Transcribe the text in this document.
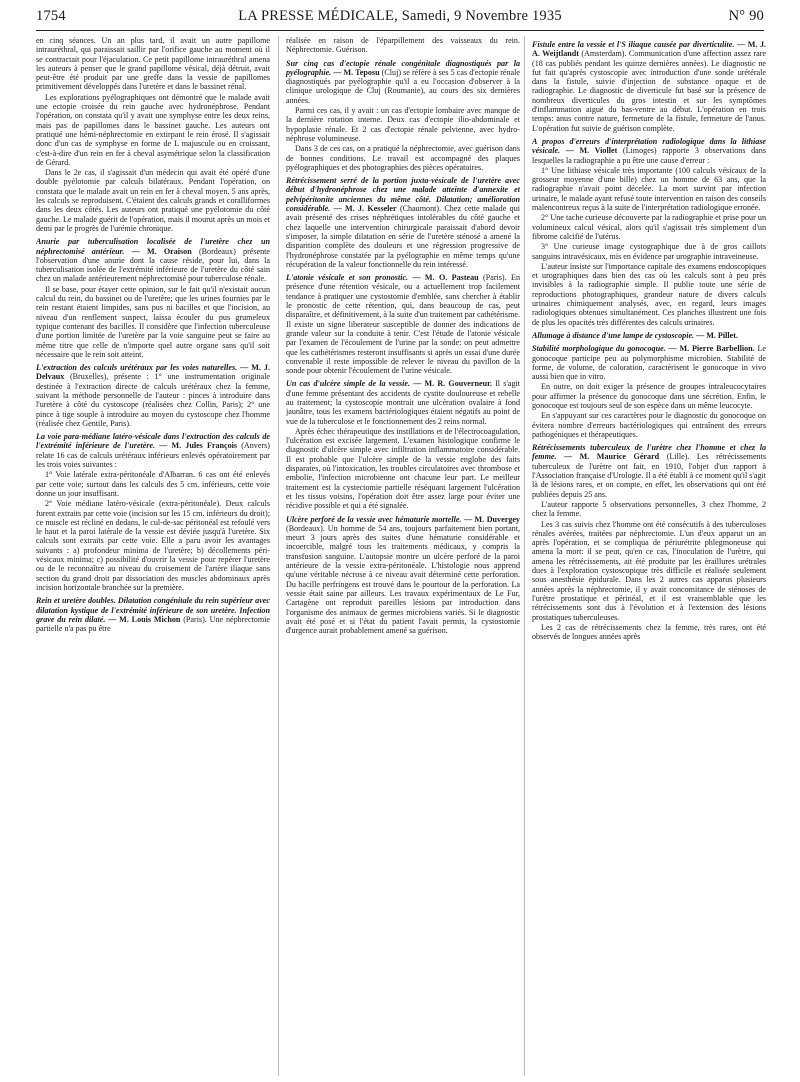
1754	LA PRESSE MÉDICALE, Samedi, 9 Novembre 1935	N° 90

en cinq séances. Un an plus tard, il avait un autre papillome intrauréthral, qui paraissait saillir par l'orifice gauche au moment où il se contractait pour l'éjaculation. Ce petit papillome intrauréthral amena les auteurs à penser que le grand papillome vésical, déjà détruit, avait peut-être été produit par une greffe dans la vessie de papillomes primitivement développés dans l'uretère et dans le bassinet rénal.

Les explorations pyélographiques ont démontré que le malade avait une ectopie croisée du rein gauche avec hydronéphrose. Pendant l'opération, on constata qu'il y avait une symphyse entre les deux reins, mais pas de papillomes dans le bassinet gauche. Les auteurs ont pratiqué une hémi-néphrectomie en extirpant le rein érosé. Il s'agissait donc d'un cas de symphyse en forme de L majuscule ou en croissant, c'est-à-dire d'un rein en fer à cheval asymétrique selon la classification de Gérard.

Dans le 2e cas, il s'agissait d'un médecin qui avait été opéré d'une double pyélotomie par calculs bilatéraux. Pendant l'opération, on constata que le malade avait un rein en fer à cheval moyen. 5 ans après, les calculs se reproduisent. C'étaient des calculs grands et coralliformes dans les deux côtés. Les auteurs ont pratiqué une pyélotomie du côté gauche. Le malade guérit de l'opération, mais il mourut après un mois et demi par le progrès de l'urémie chronique.

Anurie par tuberculisation localisée de l'uretère chez un néphrectomisé antérieur. — M. Oraison (Bordeaux) présente l'observation d'une anurie dont la cause réside, pour lui, dans la tuberculisation isolée de l'extrémité inférieure de l'uretère du côté sain chez un malade antérieurement néphrectomisé pour tuberculose rénale.

Il se base, pour étayer cette opinion, sur le fait qu'il n'existait aucun calcul du rein, du bassinet ou de l'uretère; que les urines fournies par le rein restant étaient limpides, sans pus ni bacilles et que l'incision, au niveau d'un renflement suspect, laissa écouler du pus grumeleux typique contenant des bacilles. Il considère que l'infection tuberculeuse d'une portion limitée de l'uretère par la voie sanguine peut se faire au même titre que celle de n'importe quel autre organe sans qu'il soit nécessaire que le rein soit atteint.

L'extraction des calculs urétéraux par les voies naturelles. — M. J. Delvaux (Bruxelles), présente : 1° une instrumentation originale destinée à l'extraction directe de calculs urétéraux chez la femme, suivant la méthode personnelle de l'auteur : pinces à introduire dans l'uretère à côté du cystoscope (réalisées chez Collin, Paris); 2° une pince à tige souple à introduire au moyen du cystoscope chez l'homme (réalisée chez Gentile, Paris).

La voie para-médiane latéro-vésicale dans l'extraction des calculs de l'extrémité inférieure de l'uretère. — M. Jules François (Anvers) relate 16 cas de calculs urétéraux inférieurs enlevés opératoirement par les trois voies suivantes :

1° Voie latérale extra-péritonéale d'Albarran. 6 cas ont été enlevés par cette voie; surtout dans les calculs des 5 cm. inférieurs, cette voie donne un jour insuffisant.

2° Voie médiane latéro-vésicale (extra-péritonéale). Deux calculs furent extraits par cette voie (incision sur les 15 cm. inférieurs du droit); ce muscle est récliné en dedans, le cul-de-sac péritonéal est refoulé vers le haut et la paroi latérale de la vessie est déviée jusqu'à l'uretère. Six calculs sont extraits par cette voie. Elle a paru avoir les avantages suivants : a) profondeur minima de l'uretère; b) décollements péri-vésicaux minima; c) possibilité d'ouvrir la vessie pour repérer l'uretère ou de le reconnaître au niveau du croisement de l'artère iliaque sans section du grand droit par dissociation des muscles abdominaux après incision horizontale branchée sur la première.

Rein et uretère doubles. Dilatation congénitale du rein supérieur avec dilatation kystique de l'extrémité inférieure de son uretère. Infection grave du rein dilaté. — M. Louis Michon (Paris). Une néphrectomie partielle n'a pas pu être

réalisée en raison de l'éparpillement des vaisseaux du rein. Néphrectomie. Guérison.

Sur cinq cas d'ectopie rénale congénitale diagnostiqués par la pyélographie. — M. Teposu (Cluj) se réfère à ses 5 cas d'ectopie rénale diagnostiqués par pyélographie qu'il a eu l'occasion d'observer à la clinique urologique de Cluj (Roumanie), au cours des six dernières années.

Parmi ces cas, il y avait : un cas d'ectopie lombaire avec manque de la dernière rotation interne. Deux cas d'ectopie ilio-abdominale et hypoplasie rénale. Et 2 cas d'ectopie rénale pelvienne, avec hydro-néphrose volumineuse.

Dans 3 de ces cas, on a pratiqué la néphrectomie, avec guérison dans de bonnes conditions. Le travail est accompagné des plaques pyélographiques et des photographies des pièces opératoires.

Rétrécissement serré de la portion juxta-vésicale de l'uretère avec début d'hydronéphrose chez une malade atteinte d'annexite et pelvipéritonite anciennes du même côté. Dilatation; amélioration considérable. — M. J. Kesseler (Chaumont). Chez cette malade qui avait présenté des crises néphrétiques intolérables du côté gauche et chez laquelle une intervention chirurgicale paraissait d'abord devoir s'imposer, la simple dilatation en série de l'uretère sténosé a amené la disparition complète des douleurs et une régression progressive de l'hydronéphrose constatée par la pyélographie en même temps qu'une récupération de la valeur fonctionnelle du rein intéressé.

L'atonie vésicale et son pronostic. — M. O. Pasteau (Paris). En présence d'une rétention vésicale, ou a actuellement trop facilement tendance à pratiquer une cystostomie d'emblée, sans chercher à établir le pronostic de cette rétention, qui, dans beaucoup de cas, peut disparaître, et définitivement, à la suite d'un traitement par cathétérisme. Il existe un signe liberateur susceptible de donner des indications de grande valeur sur la conduite à tenir. C'est l'étude de l'atonie vésicale par l'examen de l'écoulement de l'urine par la sonde: on peut admettre que les cathétérismes resteront insuffisants si après un essai d'une durée convenable il reste impossible de relever le niveau du pavillon de la sonde pour obtenir l'écoulement de l'urine vésicale.

Un cas d'ulcère simple de la vessie. — M. R. Gouverneur. Il s'agit d'une femme présentant des accidents de cystite douloureuse et rebelle au traitement; la cystoscopie montrait une ulcération ovalaire à fond jaunâtre, tous les examens bactériologiques étaient négatifs au point de vue de la tuberculose et le fonctionnement des 2 reins normal.

Après échec thérapeutique des instillations et de l'électrocoagulation, l'ulcération est excisée largement. L'examen histologique confirme le diagnostic d'ulcère simple avec infiltration inflammatoire considérable. Il est probable que l'ulcère simple de la vessie englobe des faits disparates, où l'intoxication, les troubles circulatoires avec thrombose et embolie, l'infection microbienne ont chacune leur part. Le meilleur traitement est la cystectomie partielle réséquant largement l'ulcération et les tissus voisins, l'opération doit être assez large pour éviter une récidive possible et qui a été signalée.

Ulcère perforé de la vessie avec hématurie mortelle. — M. Duvergey (Bordeaux). Un homme de 54 ans, toujours parfaitement bien portant, meurt 3 jours après des suites d'une hématurie considérable et incoercible, malgré tous les traitements médicaux, y compris la transfusion sanguine. L'autopsie montre un ulcère perforé de la paroi antérieure de la vessie extra-péritonéale. L'histologie nous apprend qu'une véritable nécrose à ce niveau avait déterminé cette perforation. Du bacille perfringens est trouvé dans le pourtour de la perforation. La vessie était saine par ailleurs. Les travaux expérimentaux de Le Fur, Cartagène ont reproduit pareilles lésions par introduction dans l'organisme des animaux de germes microbiens variés. Si le diagnostic avait été posé et si l'état du patient l'avait permis, la cystostomie d'urgence aurait probablement amené sa guérison.

Fistule entre la vessie et l'S iliaque causée par diverticulite. — M. J. A. Weijtlandt (Amsterdam). Communication d'une affection assez rare (18 cas publiés pendant les quinze dernières années). Le diagnostic ne fut fait qu'après cystoscopie avec introduction d'une sonde urétérale dans la fistule, suivie d'injection de substance opaque et de radiographie. Le diagnostic de diverticule fut basé sur la présence de nombreux diverticules du gros intestin et sur les symptômes d'inflammation aiguë du bas-ventre au début. L'opération en trois temps: anus contre nature, fermeture de la fistule, fermeture de l'anus. L'opération fut suivie de guérison complète.

A propos d'erreurs d'interprétation radiologique dans la lithiase vésicale. — M. Viollet (Limoges) rapporte 3 observations dans lesquelles la radiographie a pu être une cause d'erreur :

1° Une lithiase vésicale très importante (100 calculs vésicaux de la grosseur moyenne d'une bille) chez un homme de 63 ans, que la radiographie n'avait point décelée. La mort survint par infection urinaire, le malade ayant refusé toute intervention en raison des conseils malencontreux reçus à la suite de l'interprétation radiologique erronée.

2° Une tache curieuse découverte par la radiographie et prise pour un volumineux calcul vésical, alors qu'il s'agissait très simplement d'un fibrome calcifié de l'utérus.

3° Une curieuse image cystographique due à de gros caillots sanguins intravésicaux, mis en évidence par urographie intraveineuse.

L'auteur insiste sur l'importance capitale des examens endoscopiques et urographiques dans bien des cas où les calculs sont à peu près invisibles à la radiographie simple. Il publie toute une série de reproductions photographiques, grandeur nature de divers calculs urinaires chimiquement analysés, avec, en regard, leurs images radiologiques obtenues simultanément. Ces planches illustrent une fois de plus les opacités très différentes des calculs urinaires.

Allumage à distance d'une lampe de cystoscopie. — M. Pillet.

Stabilité morphologique du gonocoque. — M. Pierre Barbellion. Le gonocoque participe peu au polymorphisme microbien. Stabilité de forme, de volume, de coloration, caractérisent le gonocoque in vivo aussi bien que in vitro.

En outre, on doit exiger la présence de groupes intraleucocytaires pour affirmer la présence du gonocoque dans une sécrétion. Enfin, le gonocoque est toujours seul de son espèce dans un même leucocyte.

En s'appuyant sur ces caractères pour le diagnostic du gonocoque on évitera nombre d'erreurs bactériologiques qui entraînent des erreurs pathogéniques et thérapeutiques.

Rétrécissements tuberculeux de l'urètre chez l'homme et chez la femme. — M. Maurice Gérard (Lille). Les rétrécissements tuberculeux de l'urètre ont fait, en 1910, l'objet d'un rapport à l'Association française d'Urologie. Il a été établi à ce moment qu'il s'agit là de lésions rares, et on compte, en effet, les observations qui ont été publiées depuis 25 ans.

L'auteur rapporte 5 observations personnelles, 3 chez l'homme, 2 chez la femme.

Les 3 cas suivis chez l'homme ont été consécutifs à des tuberculoses rénales avérées, traitées par néphrectomie. L'un d'eux apparut un an après l'opération, et se compliqua de périurétrite phlegmoneuse qui amena la mort: il se peut, qu'en ce cas, l'inoculation de l'urètre, qui amena les rétrécissements, ait été produite par les éraillures urétrales dues à l'exploration cystoscopique très difficile et réalisée seulement sous anesthésie épidurale. Dans les 2 autres cas apparus plusieurs années après la néphrectomie, il y avait concomitance de sténoses de l'urètre prostatique et périnéal, et il est vraisemblable que les rétrécissements sont dus à l'évolution et à l'extension des lésions prostatiques tuberculeuses.

Les 2 cas de rétrécissements chez la femme, très rares, ont été observés de longues années après
